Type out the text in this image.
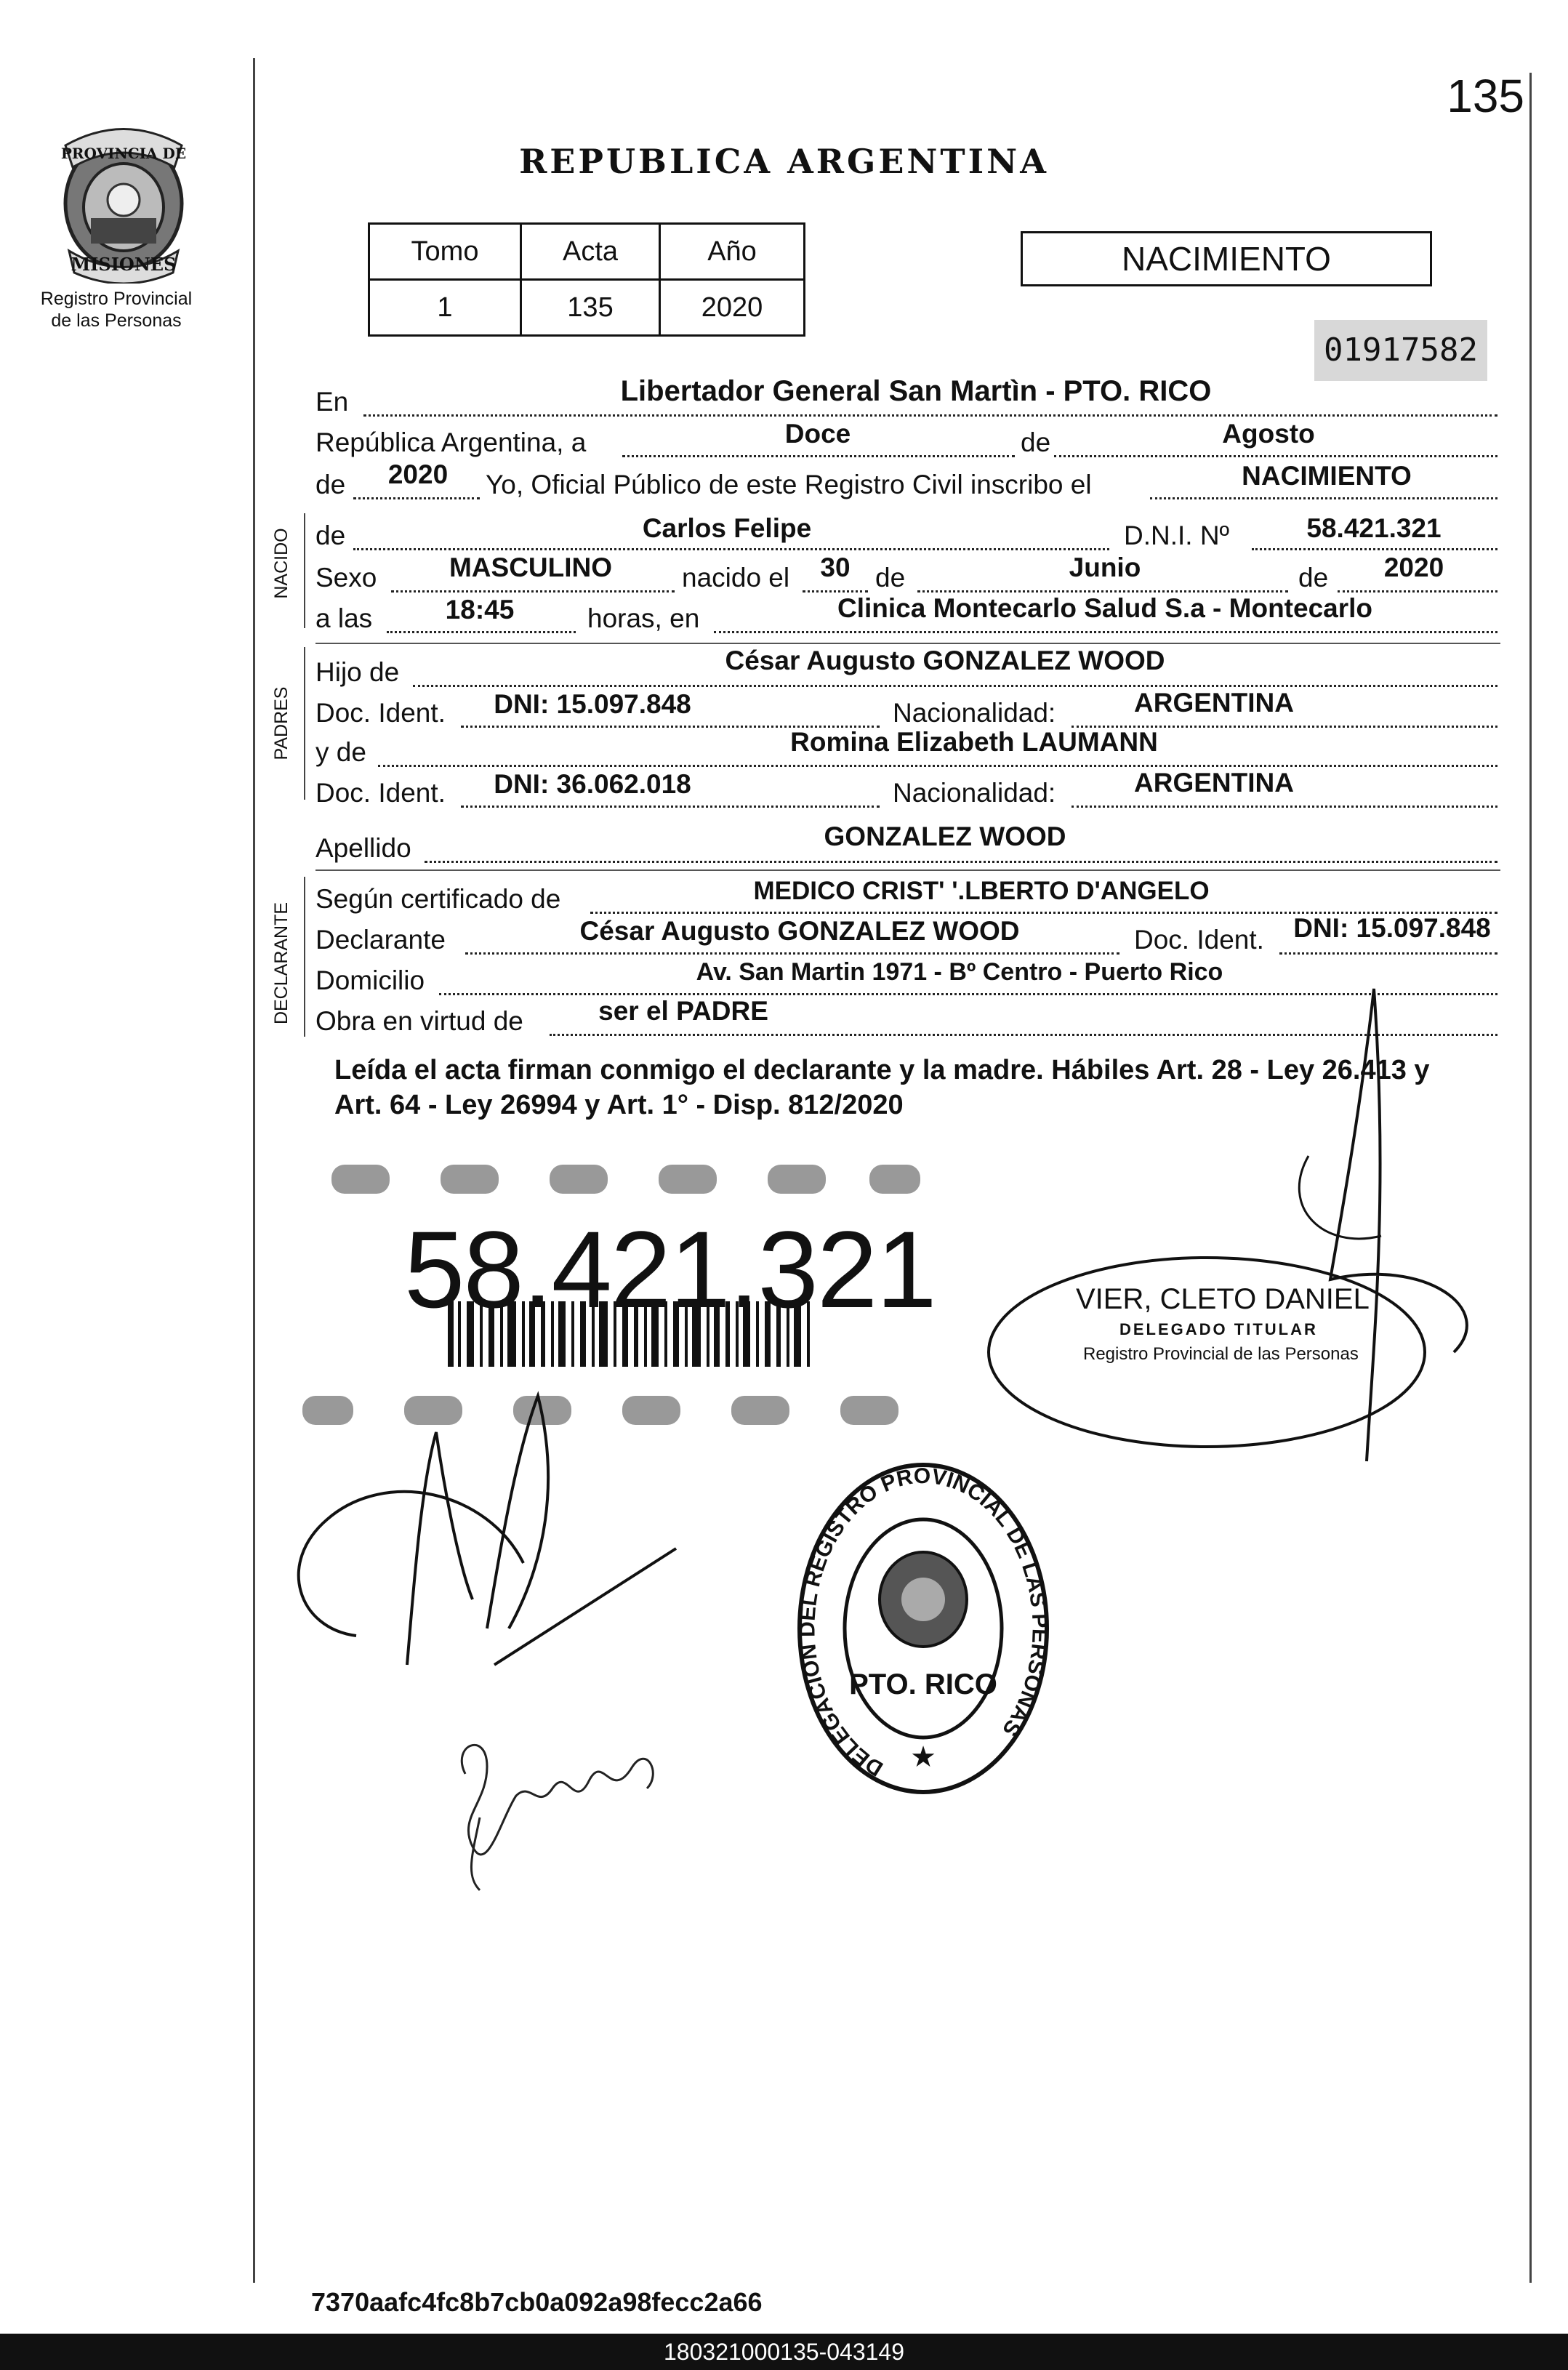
135
PROVINCIA DE
MISIONES
Registro Provincial
de las Personas
REPUBLICA ARGENTINA
Tomo	Acta	Año
1	135	2020
NACIMIENTO
01917582
En	Libertador General San Martìn - PTO. RICO
República Argentina, a	Doce	de	Agosto
de	2020	Yo, Oficial Público de este Registro Civil inscribo el	NACIMIENTO
NACIDO de	Carlos Felipe	D.N.I. Nº	58.421.321
Sexo	MASCULINO	nacido el	30 de	Junio	de	2020
a las	18:45	horas, en	Clinica Montecarlo Salud S.a - Montecarlo
PADRES
Hijo de	César Augusto GONZALEZ WOOD
Doc. Ident.	DNI: 15.097.848	Nacionalidad:	ARGENTINA
y de	Romina Elizabeth LAUMANN
Doc. Ident.	DNI: 36.062.018	Nacionalidad:	ARGENTINA
Apellido	GONZALEZ WOOD
DECLARANTE
Según certificado de	MEDICO CRIST' '.LBERTO D'ANGELO
Declarante	César Augusto GONZALEZ WOOD	Doc. Ident.	DNI: 15.097.848
Domicilio	Av. San Martin 1971 - Bº Centro - Puerto Rico
Obra en virtud de	ser el PADRE
Leída el acta firman conmigo el declarante y la madre. Hábiles Art. 28 - Ley 26.413 y Art. 64 - Ley 26994 y Art. 1° - Disp. 812/2020
58.421.321	VIER, CLETO DANIEL
DELEGADO TITULAR
Registro Provincial de las Personas
DELEGACION DEL REGISTRO PROVINCIAL DE LAS PERSONAS
PTO. RICO
★
7370aafc4fc8b7cb0a092a98fecc2a66
180321000135-043149
